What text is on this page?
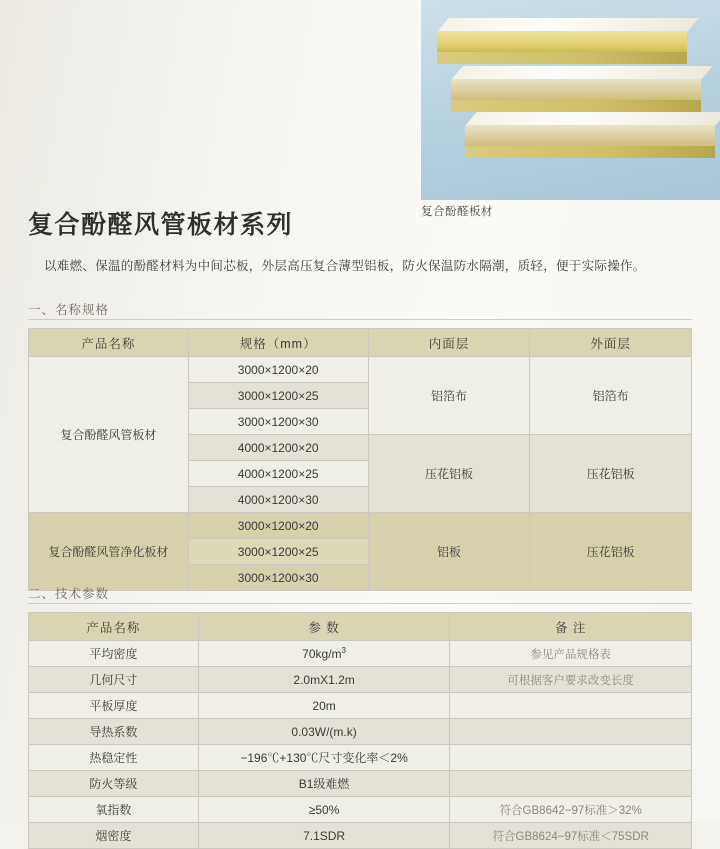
复合酚醛板材
复合酚醛风管板材系列
以难燃、保温的酚醛材料为中间芯板，外层高压复合薄型铝板，防火保温防水隔潮，质轻，便于实际操作。
一、名称规格
产品名称	规格（mm）	内面层	外面层
复合酚醛风管板材	3000×1200×20	铝箔布	铝箔布
	3000×1200×25		
	3000×1200×30		
	4000×1200×20	压花铝板	压花铝板
	4000×1200×25		
	4000×1200×30		
复合酚醛风管净化板材	3000×1200×20	铝板	压花铝板
	3000×1200×25		
	3000×1200×30		
二、技术参数
产品名称	参 数	备 注
平均密度	$70kg/m^3$	参见产品规格表
几何尺寸	2.0mX1.2m	可根据客户要求改变长度
平板厚度	20m	
导热系数	0.03W/(m.k)	
热稳定性	−196℃+130℃尺寸变化率＜2%	
防火等级	B1级难燃	
氧指数	≥50%	符合GB8642−97标准＞32%
烟密度	7.1SDR	符合GB8624−97标准＜75SDR
